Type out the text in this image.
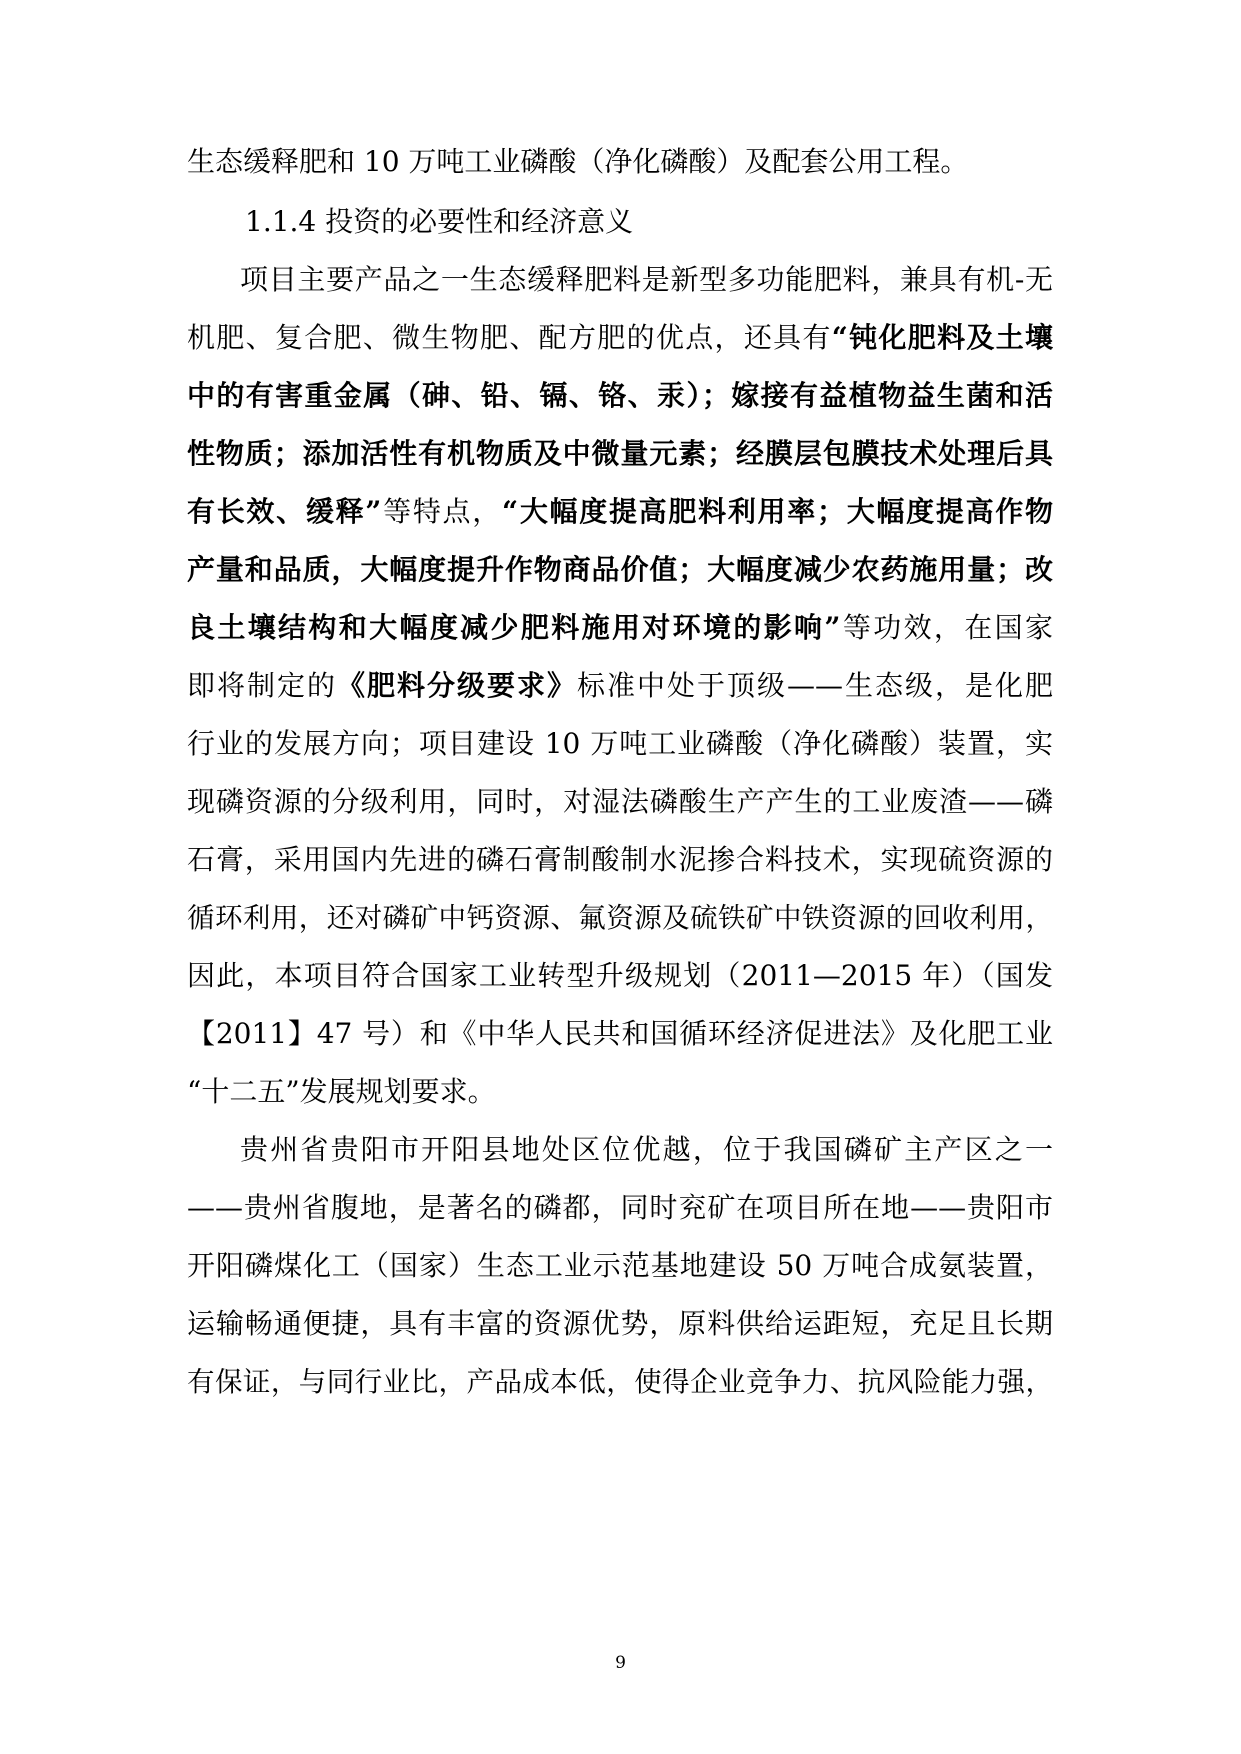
生态缓释肥和 10 万吨工业磷酸（净化磷酸）及配套公用工程。
1.1.4 投资的必要性和经济意义
项目主要产品之一生态缓释肥料是新型多功能肥料，兼具有机-无
机肥、复合肥、微生物肥、配方肥的优点，还具有“钝化肥料及土壤
中的有害重金属（砷、铅、镉、铬、汞）；嫁接有益植物益生菌和活
性物质；添加活性有机物质及中微量元素；经膜层包膜技术处理后具
有长效、缓释”等特点，“大幅度提高肥料利用率；大幅度提高作物
产量和品质，大幅度提升作物商品价值；大幅度减少农药施用量；改
良土壤结构和大幅度减少肥料施用对环境的影响”等功效，在国家
即将制定的《肥料分级要求》标准中处于顶级——生态级，是化肥
行业的发展方向；项目建设 10 万吨工业磷酸（净化磷酸）装置，实
现磷资源的分级利用，同时，对湿法磷酸生产产生的工业废渣——磷
石膏，采用国内先进的磷石膏制酸制水泥掺合料技术，实现硫资源的
循环利用，还对磷矿中钙资源、氟资源及硫铁矿中铁资源的回收利用，
因此，本项目符合国家工业转型升级规划（2011—2015 年）（国发
【2011】47 号）和《中华人民共和国循环经济促进法》及化肥工业
“十二五”发展规划要求。
贵州省贵阳市开阳县地处区位优越，位于我国磷矿主产区之一
——贵州省腹地，是著名的磷都，同时兖矿在项目所在地——贵阳市
开阳磷煤化工（国家）生态工业示范基地建设 50 万吨合成氨装置，
运输畅通便捷，具有丰富的资源优势，原料供给运距短，充足且长期
有保证，与同行业比，产品成本低，使得企业竞争力、抗风险能力强，
9
